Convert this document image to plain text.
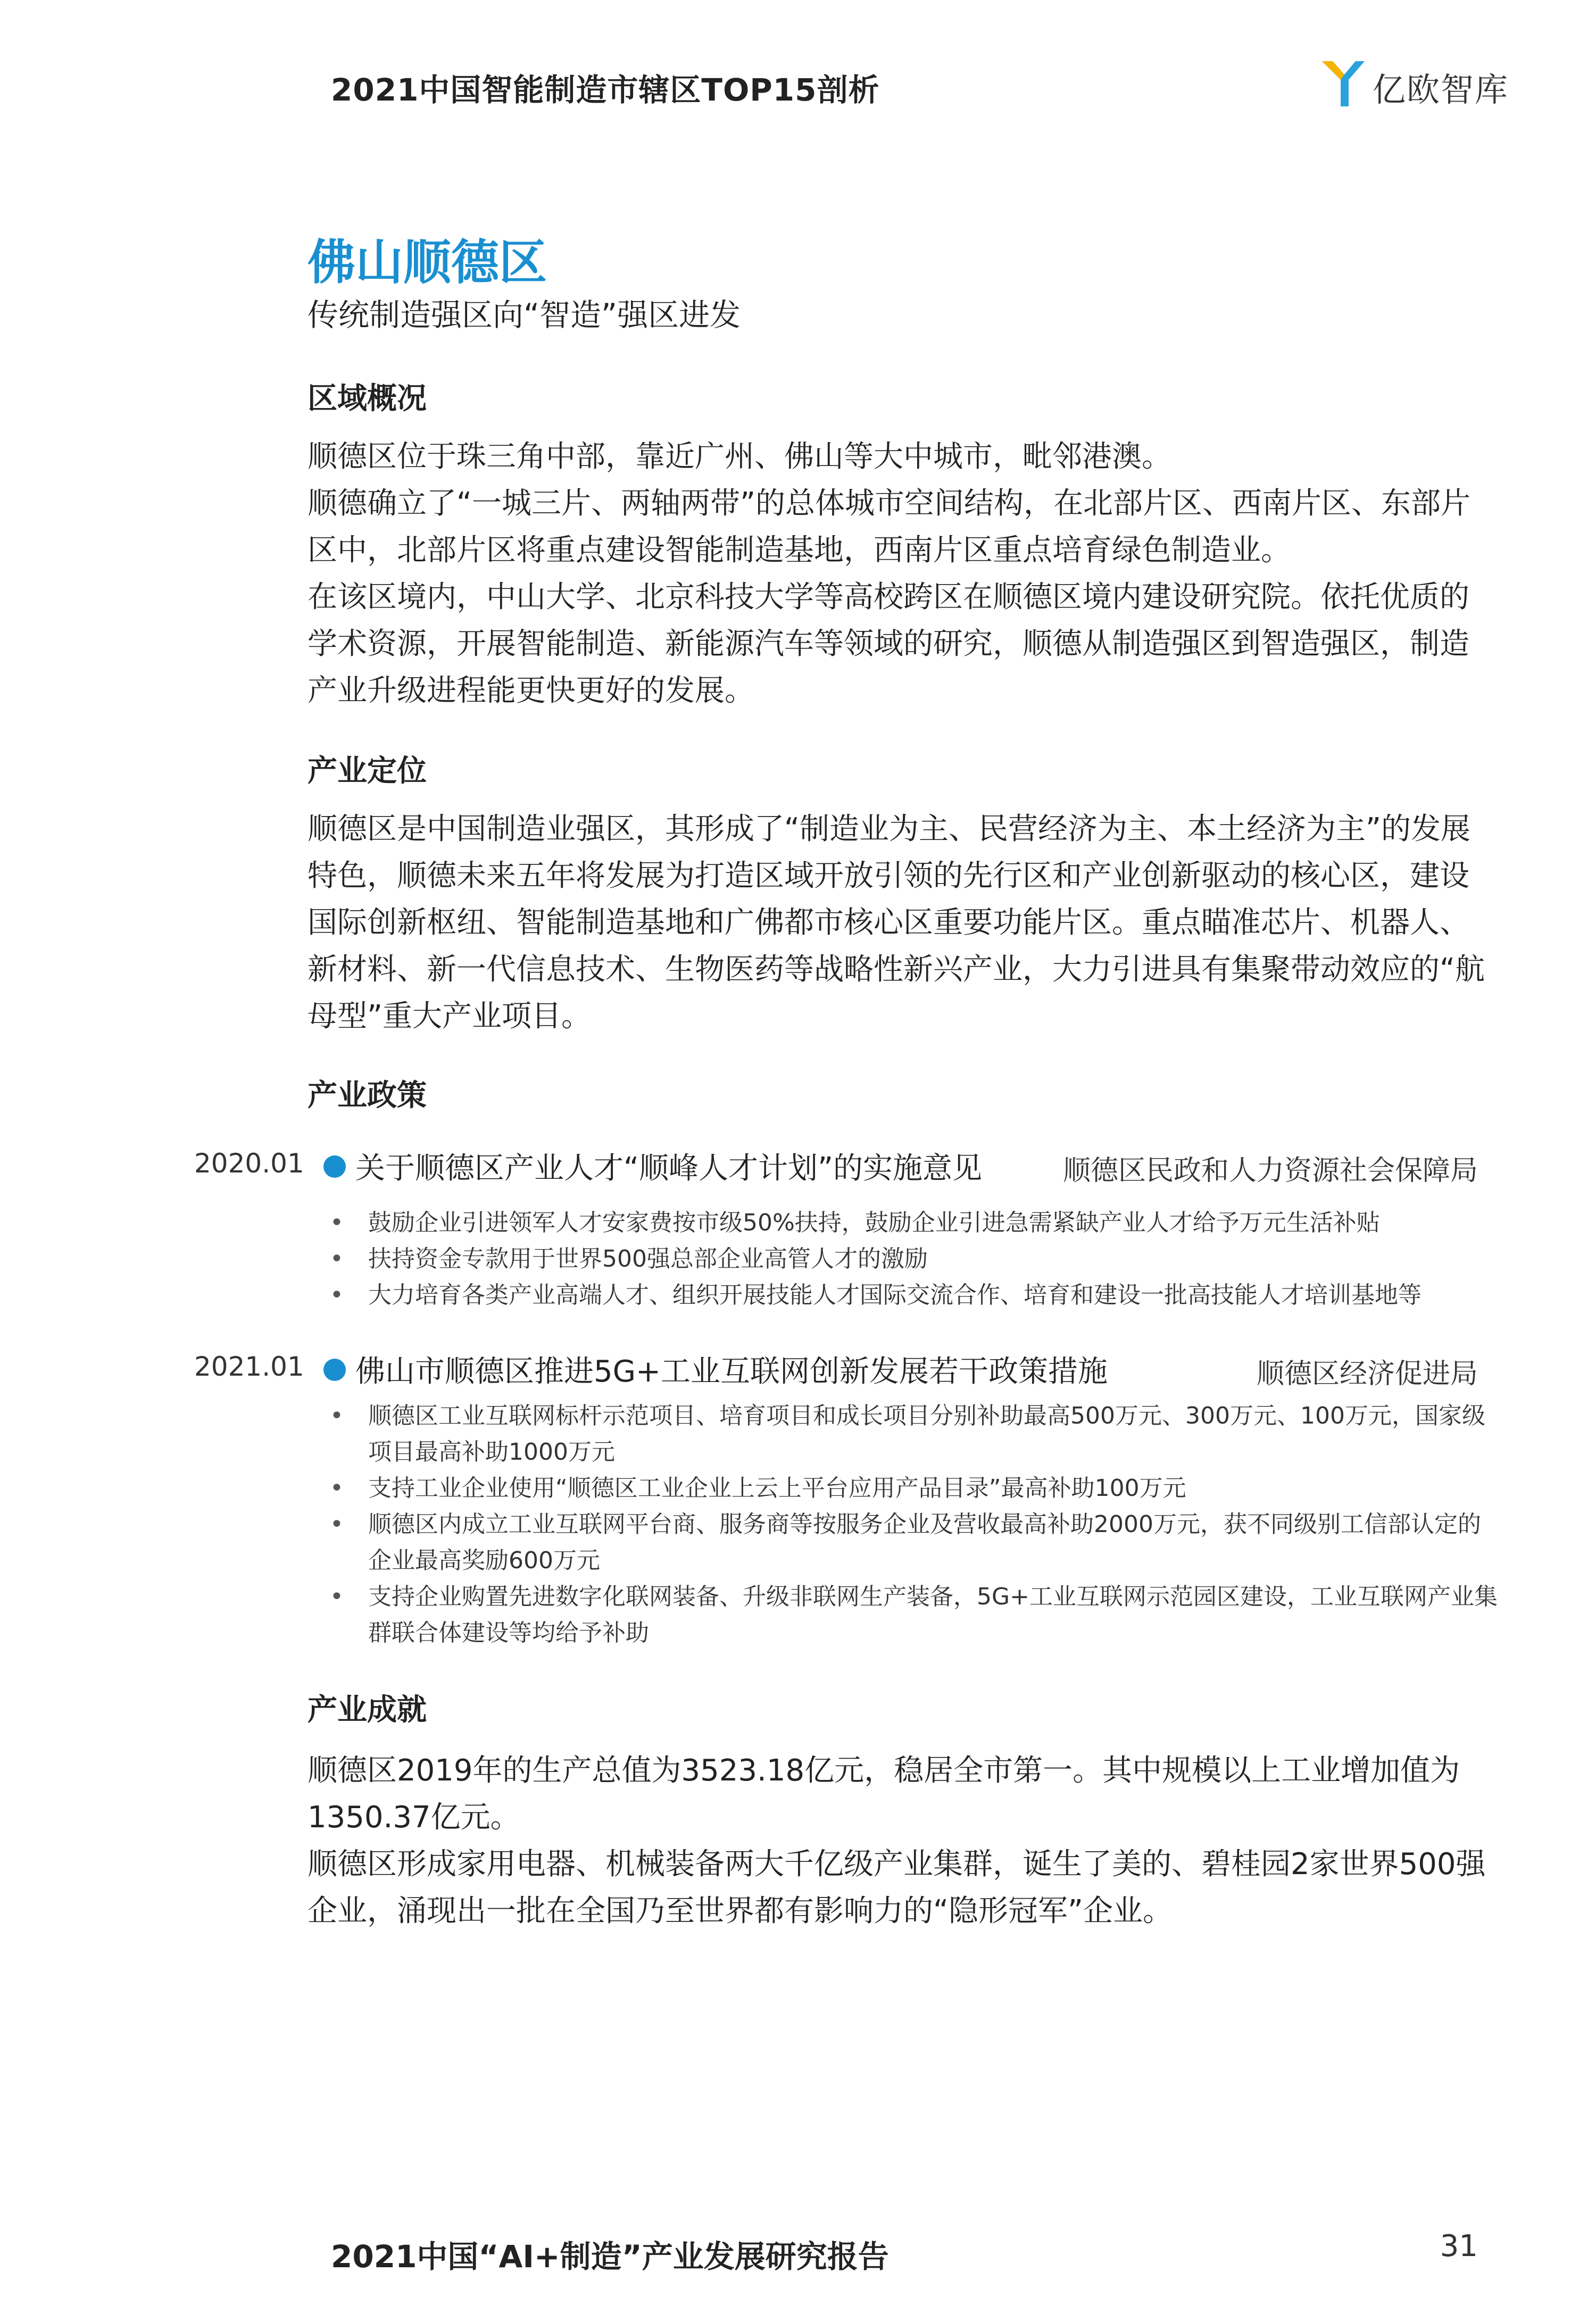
2021中国智能制造市辖区TOP15剖析	亿欧智库
佛山顺德区
传统制造强区向“智造”强区进发
区域概况

顺德区位于珠三角中部，靠近广州、佛山等大中城市，毗邻港澳。

顺德确立了“一城三片、两轴两带”的总体城市空间结构，在北部片区、西南片区、东部片区中，北部片区将重点建设智能制造基地，西南片区重点培育绿色制造业。

在该区境内，中山大学、北京科技大学等高校跨区在顺德区境内建设研究院。依托优质的学术资源，开展智能制造、新能源汽车等领域的研究，顺德从制造强区到智造强区，制造产业升级进程能更快更好的发展。

产业定位

顺德区是中国制造业强区，其形成了“制造业为主、民营经济为主、本土经济为主”的发展特色，顺德未来五年将发展为打造区域开放引领的先行区和产业创新驱动的核心区，建设国际创新枢纽、智能制造基地和广佛都市核心区重要功能片区。重点瞄准芯片、机器人、新材料、新一代信息技术、生物医药等战略性新兴产业，大力引进具有集聚带动效应的“航母型”重大产业项目。

产业政策
2020.01 关于顺德区产业人才“顺峰人才计划”的实施意见	顺德区民政和人力资源社会保障局
• 鼓励企业引进领军人才安家费按市级50%扶持，鼓励企业引进急需紧缺产业人才给予万元生活补贴
• 扶持资金专款用于世界500强总部企业高管人才的激励
• 大力培育各类产业高端人才、组织开展技能人才国际交流合作、培育和建设一批高技能人才培训基地等
2021.01 佛山市顺德区推进5G+工业互联网创新发展若干政策措施	顺德区经济促进局
• 顺德区工业互联网标杆示范项目、培育项目和成长项目分别补助最高500万元、300万元、100万元，国家级项目最高补助1000万元
• 支持工业企业使用“顺德区工业企业上云上平台应用产品目录”最高补助100万元
• 顺德区内成立工业互联网平台商、服务商等按服务企业及营收最高补助2000万元，获不同级别工信部认定的企业最高奖励600万元
• 支持企业购置先进数字化联网装备、升级非联网生产装备，5G+工业互联网示范园区建设，工业互联网产业集群联合体建设等均给予补助
产业成就

顺德区2019年的生产总值为3523.18亿元，稳居全市第一。其中规模以上工业增加值为1350.37亿元。

顺德区形成家用电器、机械装备两大千亿级产业集群，诞生了美的、碧桂园2家世界500强企业，涌现出一批在全国乃至世界都有影响力的“隐形冠军”企业。

2021中国“AI+制造”产业发展研究报告	31
